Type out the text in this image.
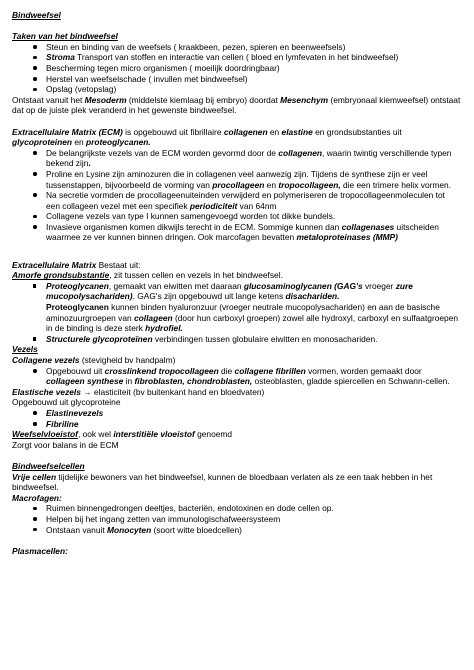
Bindweefsel

Taken van het bindweefsel

Steun en binding van de weefsels ( kraakbeen, pezen, spieren en beenweefsels)
Stroma Transport van stoffen en interactie van cellen ( bloed en lymfevaten in het bindweefsel)
Bescherming tegen micro organismen ( moeilijk doordringbaar)
Herstel van weefselschade ( invullen met bindweefsel)
Opslag (vetopslag)

Ontstaat vanuit het Mesoderm (middelste kiemlaag bij embryo) doordat Mesenchym (embryonaal kiemweefsel) ontstaat dat op de juiste plek veranderd in het gewenste bindweefsel.

Extracellulaire Matrix (ECM) is opgebouwd uit fibrillaire collagenen en elastine en grondsubstanties uit glycoproteinen en proteoglycanen.

De belangrijkste vezels van de ECM worden gevormd door de collagenen, waarin twintig verschillende typen bekend zijn.
Proline en Lysine zijn aminozuren die in collagenen veel aanwezig zijn. Tijdens de synthese zijn er veel tussenstappen, bijvoorbeeld de vorming van procollageen en tropocollageen, die een trimere helix vormen.
Na secretie vormden de procollageenuiteinden verwijderd en polymeriseren de tropocollageenmoleculen tot een collageen vezel met een specifiek periodiciteit van 64nm
Collagene vezels van type I kunnen samengevoegd worden tot dikke bundels.
Invasieve organismen komen dikwijls terecht in de ECM. Sommige kunnen dan collagenases uitscheiden waarmee ze ver kunnen binnen dringen. Ook marcofagen bevatten metaloproteinases (MMP)

Extracellulaire Matrix Bestaat uit:

Amorfe grondsubstantie, zit tussen cellen en vezels in het bindweefsel.

Proteoglycanen, gemaakt van eiwitten met daaraan glucosaminoglycanen (GAG's vroeger zure mucopolysachariden). GAG's zijn opgebouwd uit lange ketens disachariden.

Proteoglycanen kunnen binden hyaluronzuur (vroeger neutrale mucopolysachariden) en aan de basische aminozuurgroepen van collageen (door hun carboxyl groepen) zowel alle hydroxyl, carboxyl en sulfaatgroepen in de binding is deze sterk hydrofiel.

Structurele glycoproteïnen verbindingen tussen globulaire eiwitten en monosachariden.

Vezels

Collagene vezels (stevigheid bv handpalm)

Opgebouwd uit crosslinkend tropocollageen die collagene fibrillen vormen, worden gemaakt door collageen synthese in fibroblasten, chondroblasten, osteoblasten, gladde spiercellen en Schwann-cellen.

Elastische vezels → elasticiteit (bv buitenkant hand en bloedvaten)

Opgebouwd uit glycoproteine

Elastinevezels
Fibriline

Weefselvloeistof, ook wel interstitiële vloeistof genoemd

Zorgt voor balans in de ECM

Bindweefselcellen

Vrije cellen tijdelijke bewoners van het bindweefsel, kunnen de bloedbaan verlaten als ze een taak hebben in het bindweefsel.

Macrofagen:

Ruimen binnengedrongen deeltjes, bacteriën, endotoxinen en dode cellen op.
Helpen bij het ingang zetten van immunologischafweersysteem
Ontstaan vanuit Monocyten (soort witte bloedcellen)

Plasmacellen:
